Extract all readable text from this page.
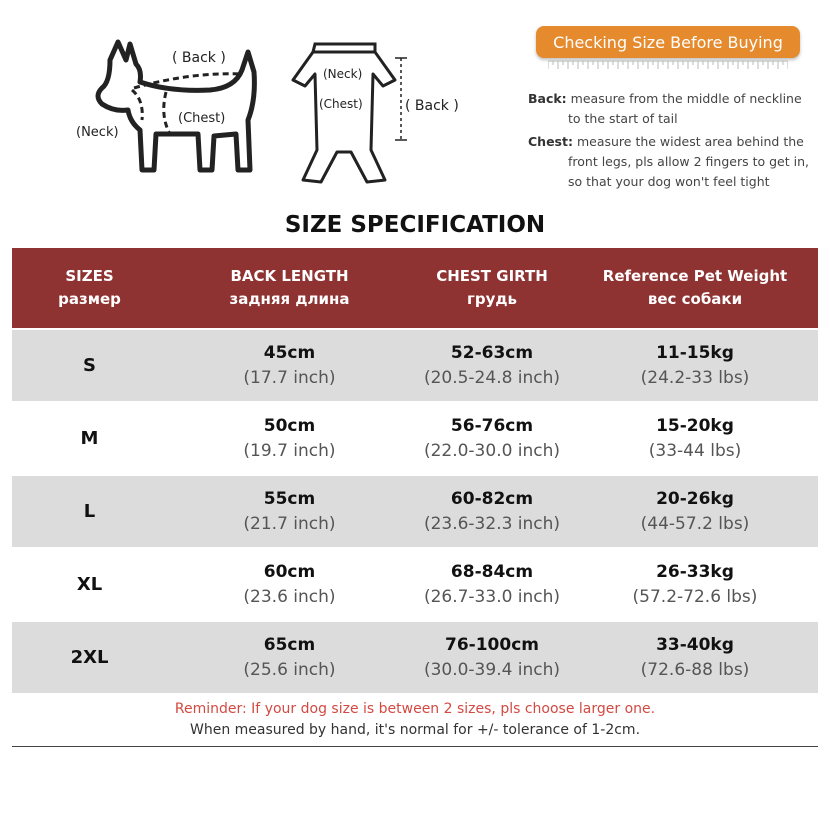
( Back )
(Chest)
(Neck)
(Neck)
(Chest)	( Back )
Checking Size Before Buying
Back: measure from the middle of neckline
to the start of tail
Chest: measure the widest area behind the
front legs, pls allow 2 fingers to get in,
so that your dog won't feel tight
SIZE SPECIFICATION
SIZES
размер
BACK LENGTH
задняя длина
CHEST GIRTH
грудь
Reference Pet Weight
вес собаки
S
45cm
(17.7 inch)
52-63cm
(20.5-24.8 inch)
11-15kg
(24.2-33 lbs)
M
50cm
(19.7 inch)
56-76cm
(22.0-30.0 inch)
15-20kg
(33-44 lbs)
L
55cm
(21.7 inch)
60-82cm
(23.6-32.3 inch)
20-26kg
(44-57.2 lbs)
XL
60cm
(23.6 inch)
68-84cm
(26.7-33.0 inch)
26-33kg
(57.2-72.6 lbs)
2XL
65cm
(25.6 inch)
76-100cm
(30.0-39.4 inch)
33-40kg
(72.6-88 lbs)
Reminder: If your dog size is between 2 sizes, pls choose larger one.
When measured by hand, it's normal for +/- tolerance of 1-2cm.
